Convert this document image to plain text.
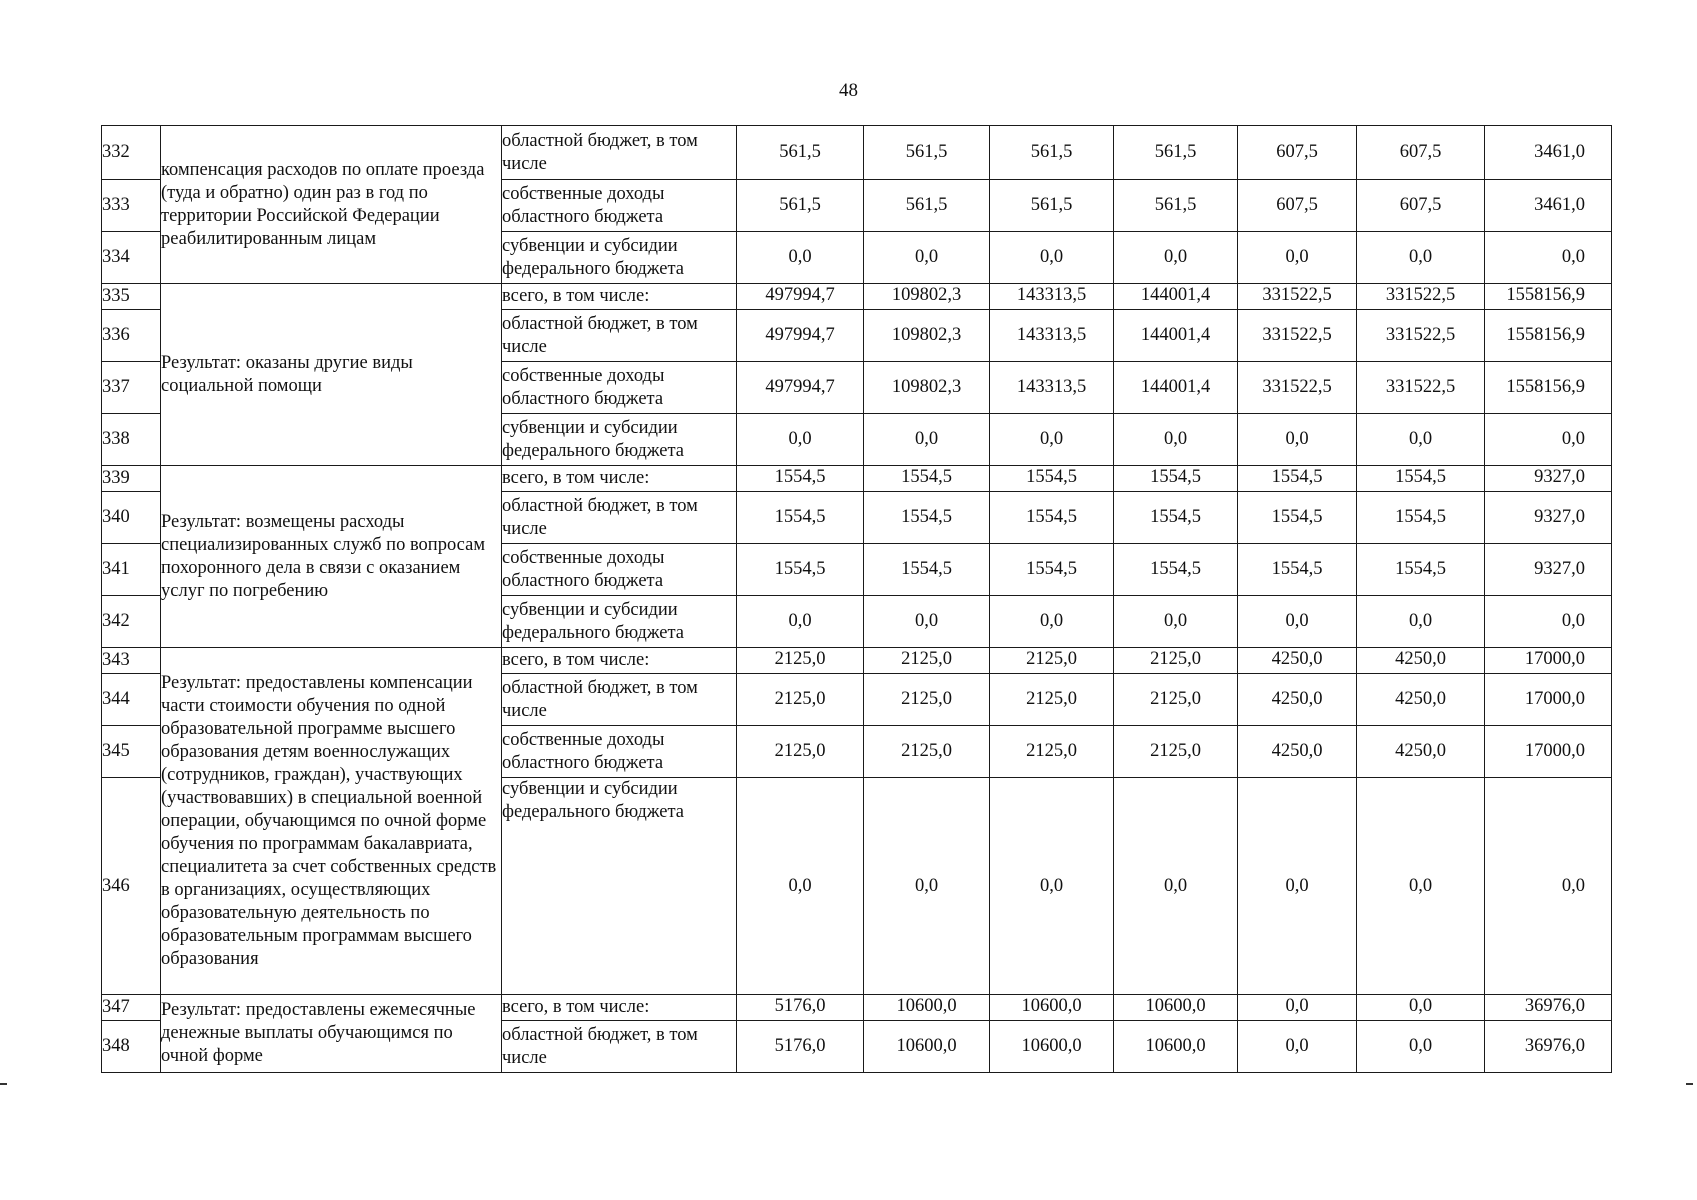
48
332	компенсация расходов по оплате проезда (туда и обратно) один раз в год по территории Российской Федерации реабилитированным лицам	областной бюджет, в том числе	561,5	561,5	561,5	561,5	607,5	607,5	3461,0
333		собственные доходы областного бюджета	561,5	561,5	561,5	561,5	607,5	607,5	3461,0
334		субвенции и субсидии федерального бюджета	0,0	0,0	0,0	0,0	0,0	0,0	0,0
335	Результат: оказаны другие виды социальной помощи	всего, в том числе:	497994,7	109802,3	143313,5	144001,4	331522,5	331522,5	1558156,9
336		областной бюджет, в том числе	497994,7	109802,3	143313,5	144001,4	331522,5	331522,5	1558156,9
337		собственные доходы областного бюджета	497994,7	109802,3	143313,5	144001,4	331522,5	331522,5	1558156,9
338		субвенции и субсидии федерального бюджета	0,0	0,0	0,0	0,0	0,0	0,0	0,0
339	Результат: возмещены расходы специализированных служб по вопросам похоронного дела в связи с оказанием услуг по погребению	всего, в том числе:	1554,5	1554,5	1554,5	1554,5	1554,5	1554,5	9327,0
340		областной бюджет, в том числе	1554,5	1554,5	1554,5	1554,5	1554,5	1554,5	9327,0
341		собственные доходы областного бюджета	1554,5	1554,5	1554,5	1554,5	1554,5	1554,5	9327,0
342		субвенции и субсидии федерального бюджета	0,0	0,0	0,0	0,0	0,0	0,0	0,0
343	Результат: предоставлены компенсации части стоимости обучения по одной образовательной программе высшего образования детям военнослужащих (сотрудников, граждан), участвующих (участвовавших) в специальной военной операции, обучающимся по очной форме обучения по программам бакалавриата, специалитета за счет собственных средств в организациях, осуществляющих образовательную деятельность по образовательным программам высшего образования	всего, в том числе:	2125,0	2125,0	2125,0	2125,0	4250,0	4250,0	17000,0
344		областной бюджет, в том числе	2125,0	2125,0	2125,0	2125,0	4250,0	4250,0	17000,0
345		собственные доходы областного бюджета	2125,0	2125,0	2125,0	2125,0	4250,0	4250,0	17000,0
346		субвенции и субсидии федерального бюджета	0,0	0,0	0,0	0,0	0,0	0,0	0,0
347	Результат: предоставлены ежемесячные денежные выплаты обучающимся по очной форме	всего, в том числе:	5176,0	10600,0	10600,0	10600,0	0,0	0,0	36976,0
348		областной бюджет, в том числе	5176,0	10600,0	10600,0	10600,0	0,0	0,0	36976,0
